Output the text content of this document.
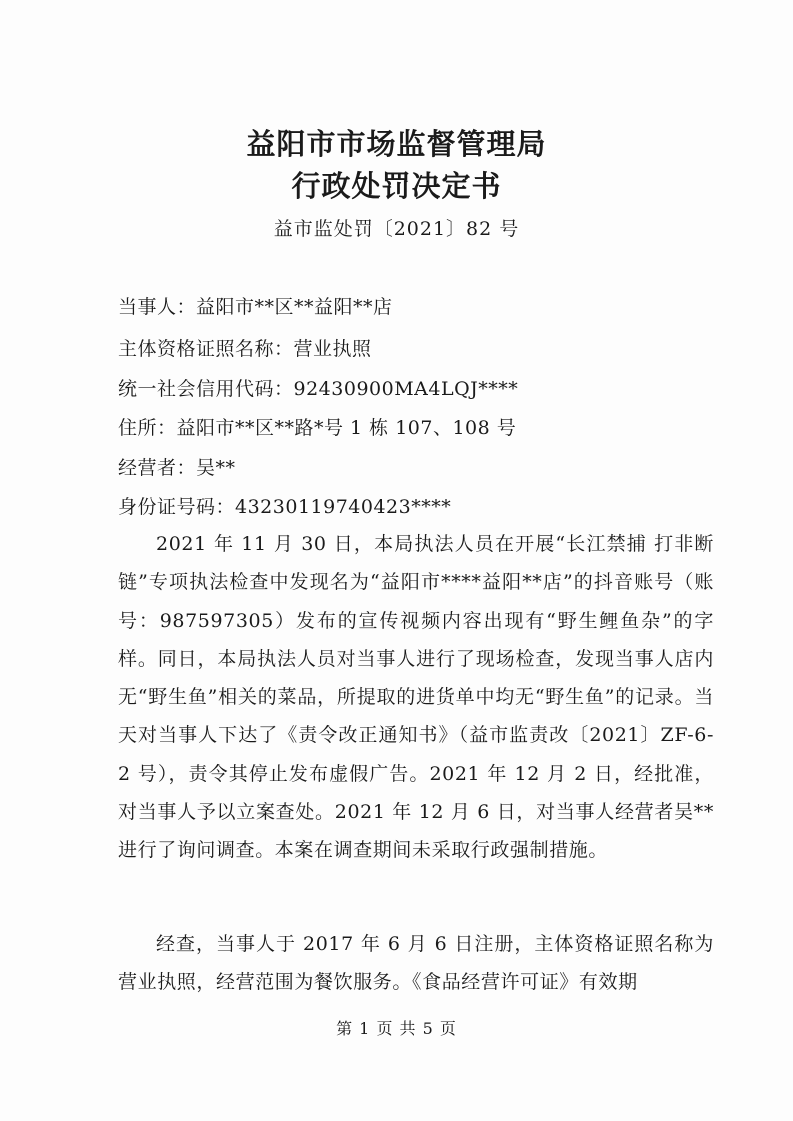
益阳市市场监督管理局
行政处罚决定书
益市监处罚〔2021〕82 号
当事人：益阳市**区**益阳**店
主体资格证照名称：营业执照
统一社会信用代码：92430900MA4LQJ****
住所：益阳市**区**路*号 1 栋 107、108 号
经营者：吴**
身份证号码：43230119740423****
2021 年 11 月 30 日，本局执法人员在开展“长江禁捕 打非断链”专项执法检查中发现名为“益阳市****益阳**店”的抖音账号（账号：987597305）发布的宣传视频内容出现有“野生鲤鱼杂”的字样。同日，本局执法人员对当事人进行了现场检查，发现当事人店内无“野生鱼”相关的菜品，所提取的进货单中均无“野生鱼”的记录。当天对当事人下达了《责令改正通知书》（益市监责改〔2021〕ZF-6-2 号），责令其停止发布虚假广告。2021 年 12 月 2 日，经批准，对当事人予以立案查处。2021 年 12 月 6 日，对当事人经营者吴**进行了询问调查。本案在调查期间未采取行政强制措施。
经查，当事人于 2017 年 6 月 6 日注册，主体资格证照名称为营业执照，经营范围为餐饮服务。《食品经营许可证》有效期
第 1 页 共 5 页
